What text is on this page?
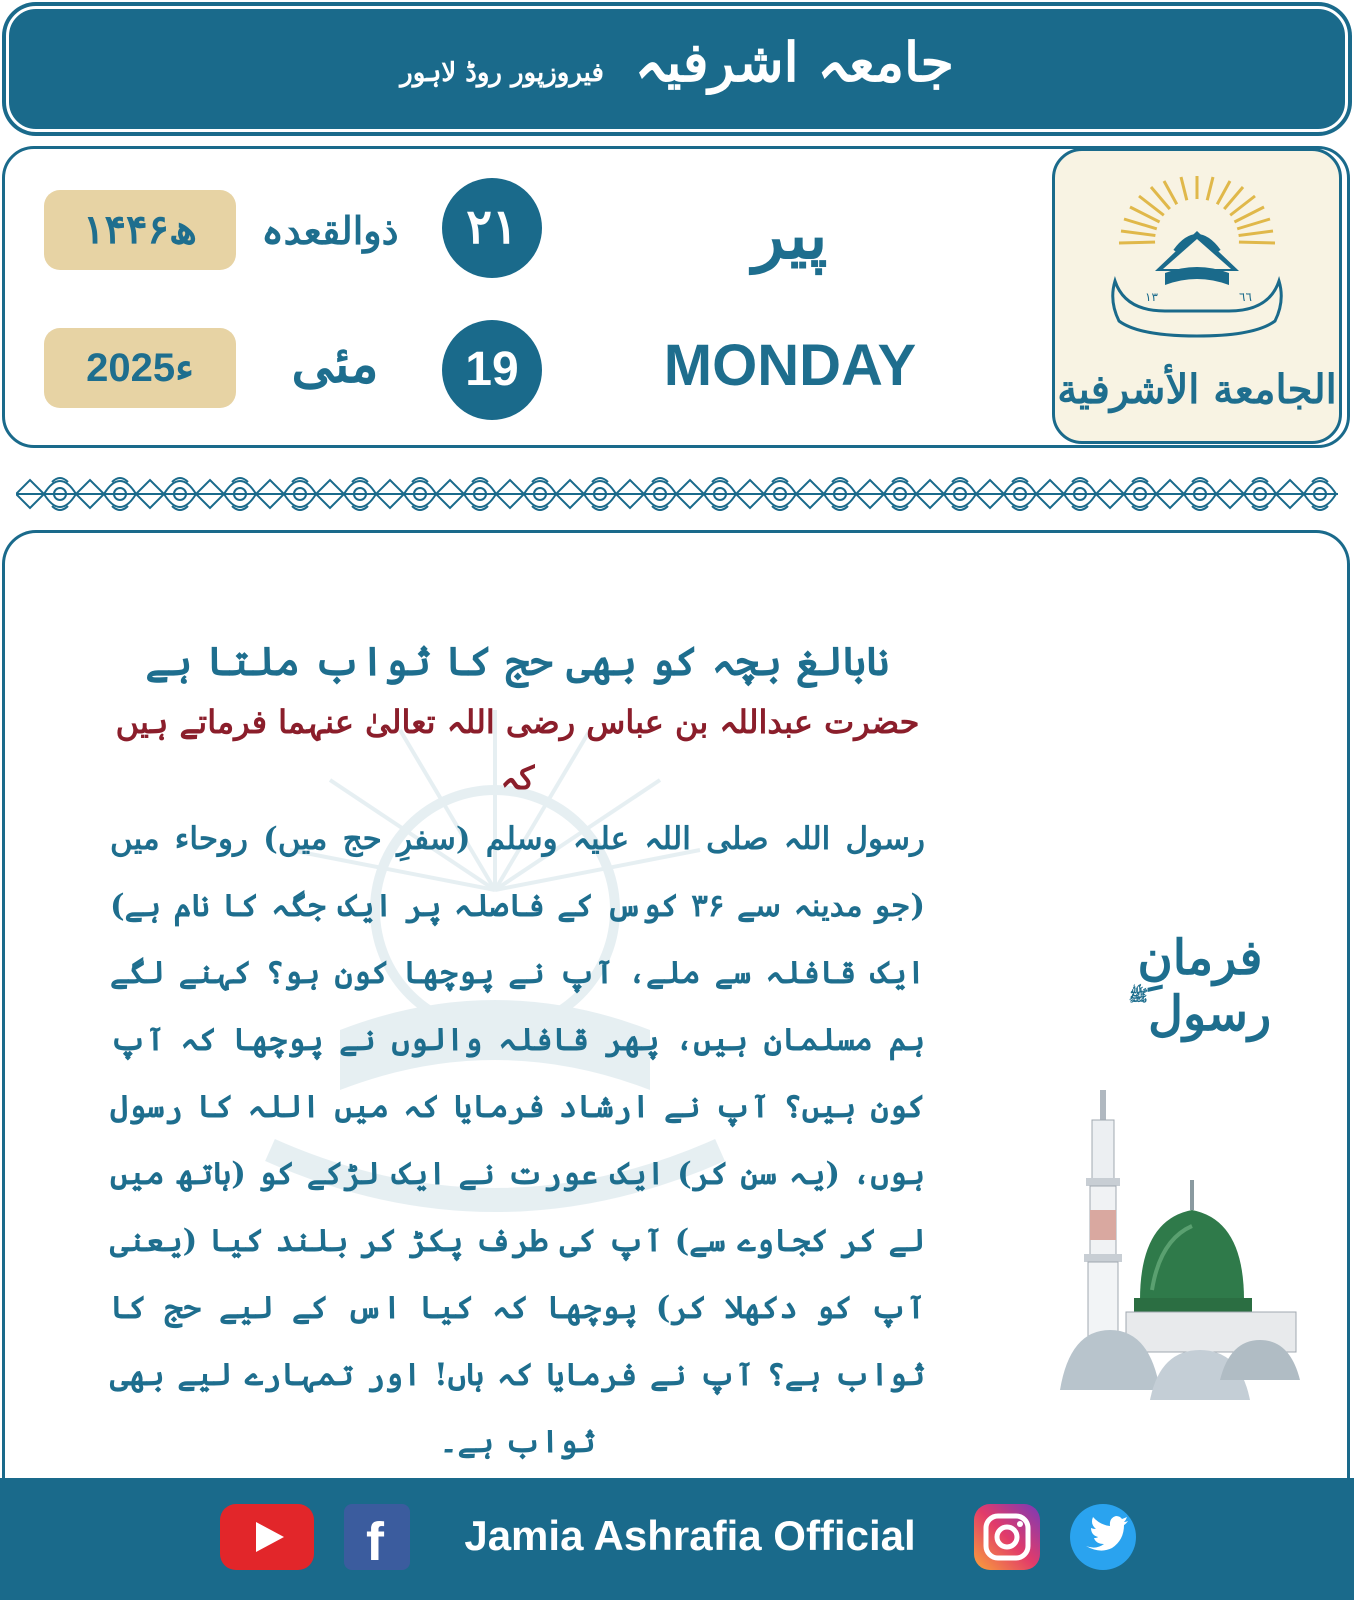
جامعہ اشرفیہ فیروزپور روڈ لاہور
۱۴۴۶ھ	ذوالقعدہ	۲۱	پیر
2025ء	مئی	19	MONDAY
۱۳	٦٦
الجامعة الأشرفية
نابالغ بچہ کو بھی حج کا ثواب ملتا ہے
حضرت عبداللہ بن عباس رضی اللہ تعالیٰ عنہما فرماتے ہیں کہ
رسول اللہ صلی اللہ علیہ وسلم (سفرِ حج میں) روحاء میں (جو مدینہ سے ۳۶ کوس کے فاصلہ پر ایک جگہ کا نام ہے) ایک قافلہ سے ملے، آپ نے پوچھا کون ہو؟ کہنے لگے ہم مسلمان ہیں، پھر قافلہ والوں نے پوچھا کہ آپ کون ہیں؟ آپ نے ارشاد فرمایا کہ میں اللہ کا رسول ہوں، (یہ سن کر) ایک عورت نے ایک لڑکے کو (ہاتھ میں لے کر کجاوے سے) آپ کی طرف پکڑ کر بلند کیا (یعنی آپ کو دکھلا کر) پوچھا کہ کیا اس کے لیے حج کا ثواب ہے؟ آپ نے فرمایا کہ ہاں! اور تمہارے لیے بھی ثواب ہے۔
فرمانِ رسول$^ﷺ$
f	Jamia Ashrafia Official
